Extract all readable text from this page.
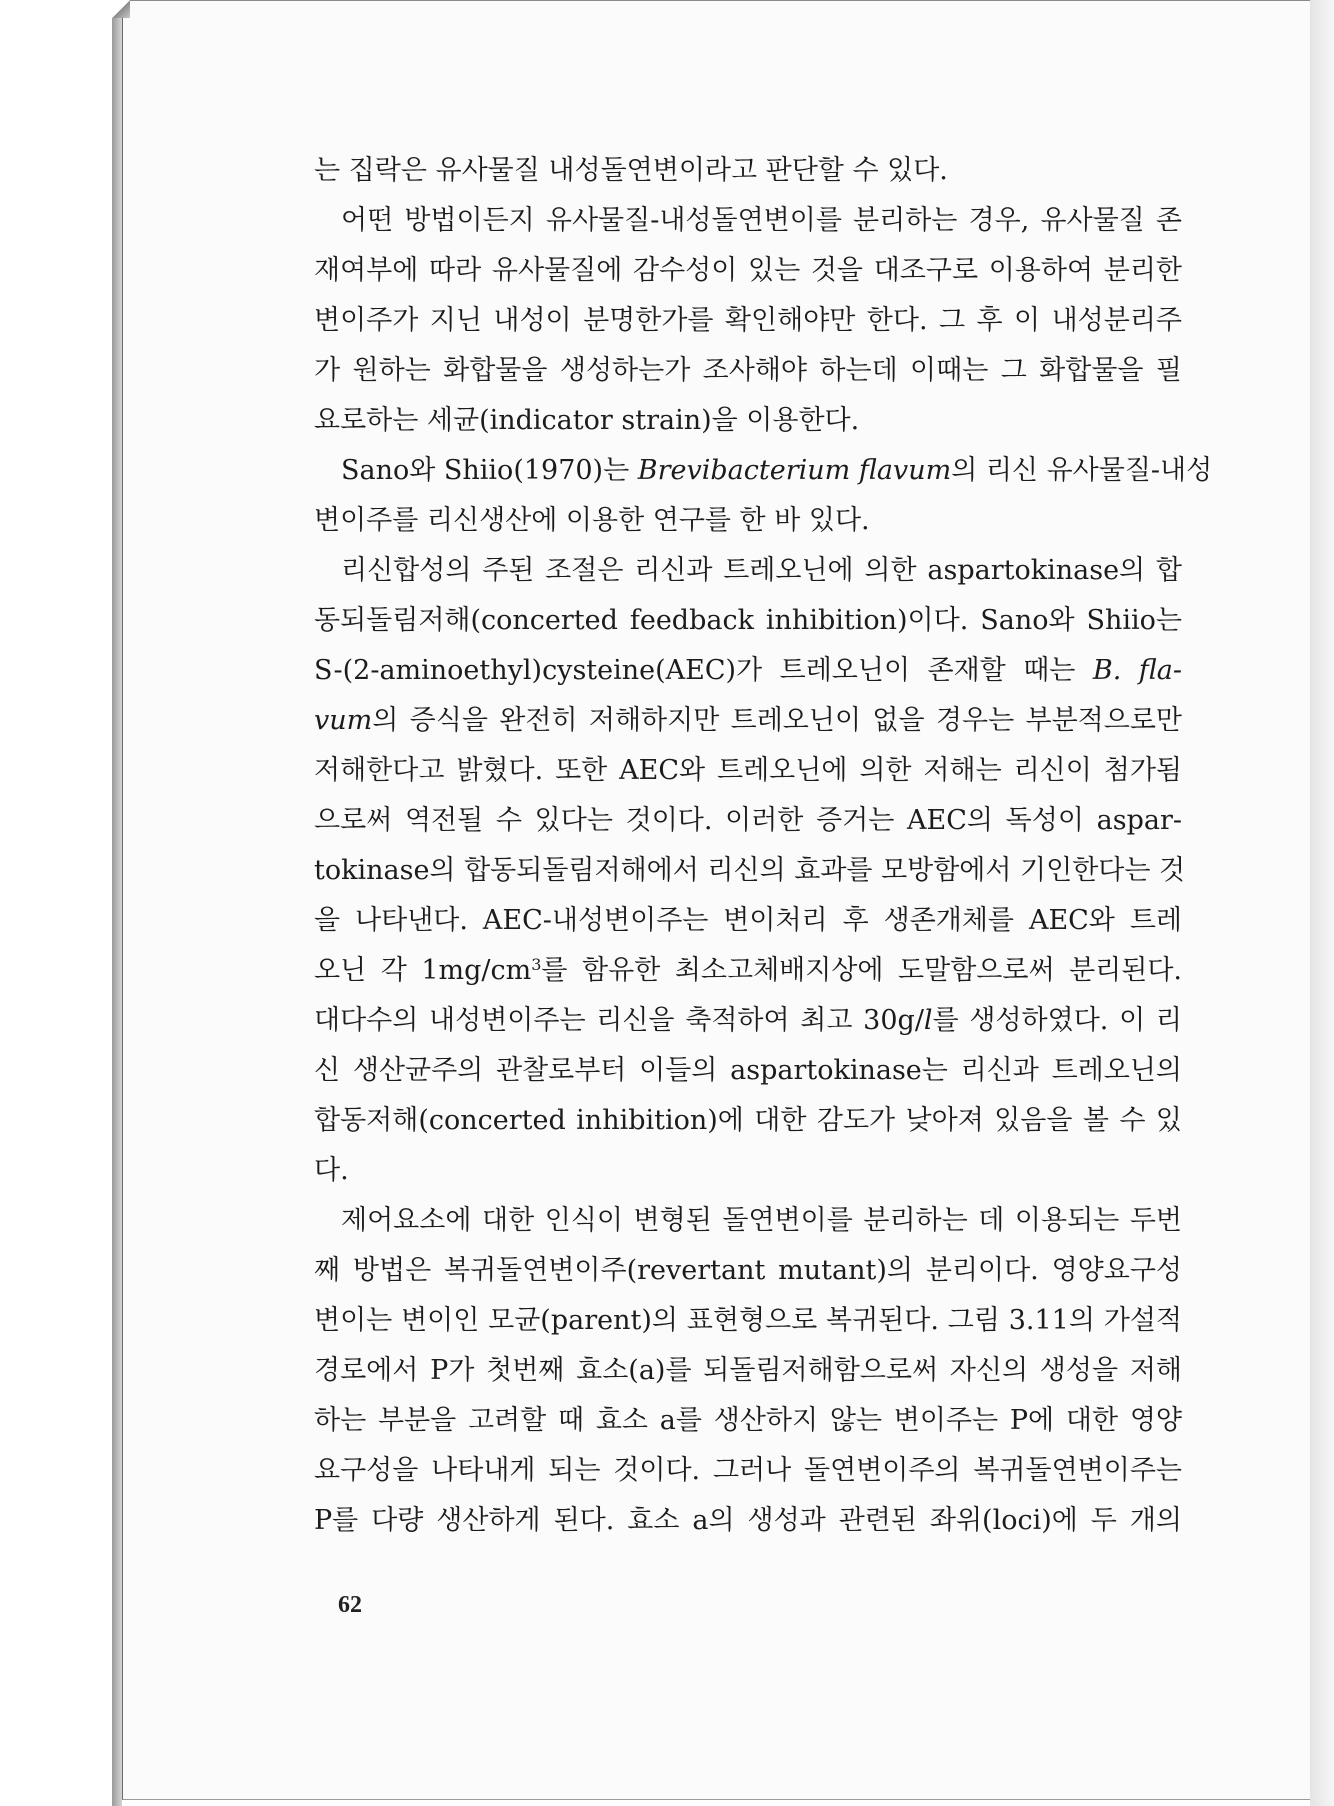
는 집락은 유사물질 내성돌연변이라고 판단할 수 있다.
어떤 방법이든지 유사물질-내성돌연변이를 분리하는 경우, 유사물질 존
재여부에 따라 유사물질에 감수성이 있는 것을 대조구로 이용하여 분리한
변이주가 지닌 내성이 분명한가를 확인해야만 한다. 그 후 이 내성분리주
가 원하는 화합물을 생성하는가 조사해야 하는데 이때는 그 화합물을 필
요로하는 세균(indicator strain)을 이용한다.
Sano와 Shiio(1970)는 Brevibacterium flavum의 리신 유사물질-내성
변이주를 리신생산에 이용한 연구를 한 바 있다.
리신합성의 주된 조절은 리신과 트레오닌에 의한 aspartokinase의 합
동되돌림저해(concerted feedback inhibition)이다. Sano와 Shiio는
S-(2-aminoethyl)cysteine(AEC)가 트레오닌이 존재할 때는 B. fla-
vum의 증식을 완전히 저해하지만 트레오닌이 없을 경우는 부분적으로만
저해한다고 밝혔다. 또한 AEC와 트레오닌에 의한 저해는 리신이 첨가됨
으로써 역전될 수 있다는 것이다. 이러한 증거는 AEC의 독성이 aspar-
tokinase의 합동되돌림저해에서 리신의 효과를 모방함에서 기인한다는 것
을 나타낸다. AEC-내성변이주는 변이처리 후 생존개체를 AEC와 트레
오닌 각 $1mg/cm^3$를 함유한 최소고체배지상에 도말함으로써 분리된다.
대다수의 내성변이주는 리신을 축적하여 최고 30g/l를 생성하였다. 이 리
신 생산균주의 관찰로부터 이들의 aspartokinase는 리신과 트레오닌의
합동저해(concerted inhibition)에 대한 감도가 낮아져 있음을 볼 수 있
다.
제어요소에 대한 인식이 변형된 돌연변이를 분리하는 데 이용되는 두번
째 방법은 복귀돌연변이주(revertant mutant)의 분리이다. 영양요구성
변이는 변이인 모균(parent)의 표현형으로 복귀된다. 그림 3.11의 가설적
경로에서 P가 첫번째 효소(a)를 되돌림저해함으로써 자신의 생성을 저해
하는 부분을 고려할 때 효소 a를 생산하지 않는 변이주는 P에 대한 영양
요구성을 나타내게 되는 것이다. 그러나 돌연변이주의 복귀돌연변이주는
P를 다량 생산하게 된다. 효소 a의 생성과 관련된 좌위(loci)에 두 개의
62
